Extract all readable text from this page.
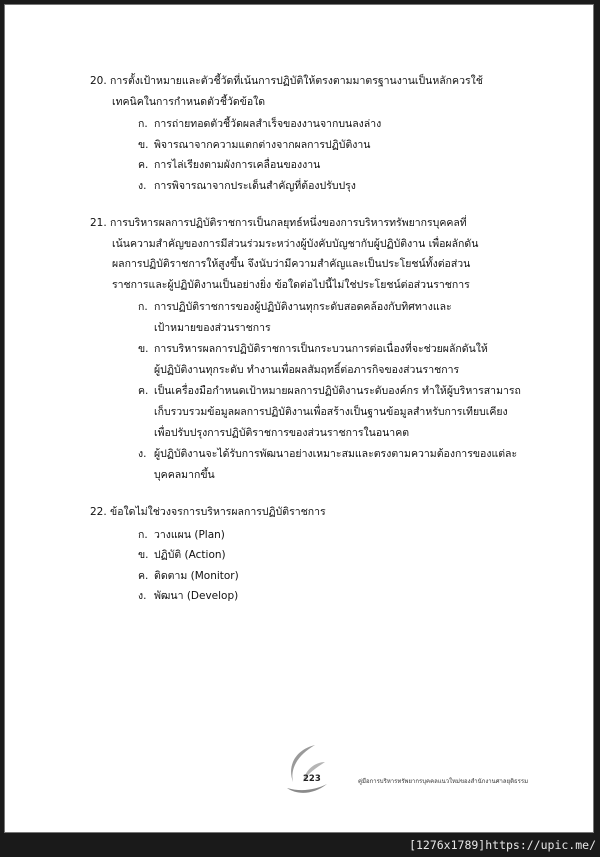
20. การตั้งเป้าหมายและตัวชี้วัดที่เน้นการปฏิบัติให้ตรงตามมาตรฐานงานเป็นหลักควรใช้
เทคนิคในการกำหนดตัวชี้วัดข้อใด
ก. การถ่ายทอดตัวชี้วัดผลสำเร็จของงานจากบนลงล่าง
ข. พิจารณาจากความแตกต่างจากผลการปฏิบัติงาน
ค. การไล่เรียงตามผังการเคลื่อนของงาน
ง. การพิจารณาจากประเด็นสำคัญที่ต้องปรับปรุง
21. การบริหารผลการปฏิบัติราชการเป็นกลยุทธ์หนึ่งของการบริหารทรัพยากรบุคคลที่
เน้นความสำคัญของการมีส่วนร่วมระหว่างผู้บังคับบัญชากับผู้ปฏิบัติงาน เพื่อผลักดัน
ผลการปฏิบัติราชการให้สูงขึ้น จึงนับว่ามีความสำคัญและเป็นประโยชน์ทั้งต่อส่วน
ราชการและผู้ปฏิบัติงานเป็นอย่างยิ่ง ข้อใดต่อไปนี้ไม่ใช่ประโยชน์ต่อส่วนราชการ
ก. การปฏิบัติราชการของผู้ปฏิบัติงานทุกระดับสอดคล้องกับทิศทางและ
เป้าหมายของส่วนราชการ
ข. การบริหารผลการปฏิบัติราชการเป็นกระบวนการต่อเนื่องที่จะช่วยผลักดันให้
ผู้ปฏิบัติงานทุกระดับ ทำงานเพื่อผลสัมฤทธิ์ต่อภารกิจของส่วนราชการ
ค. เป็นเครื่องมือกำหนดเป้าหมายผลการปฏิบัติงานระดับองค์กร ทำให้ผู้บริหารสามารถ
เก็บรวบรวมข้อมูลผลการปฏิบัติงานเพื่อสร้างเป็นฐานข้อมูลสำหรับการเทียบเคียง
เพื่อปรับปรุงการปฏิบัติราชการของส่วนราชการในอนาคต
ง. ผู้ปฏิบัติงานจะได้รับการพัฒนาอย่างเหมาะสมและตรงตามความต้องการของแต่ละ
บุคคลมากขึ้น
22. ข้อใดไม่ใช่วงจรการบริหารผลการปฏิบัติราชการ
ก. วางแผน (Plan)
ข. ปฏิบัติ (Action)
ค. ติดตาม (Monitor)
ง. พัฒนา (Develop)
223	คู่มือการบริหารทรัพยากรบุคคลแนวใหม่ของสำนักงานศาลยุติธรรม
[1276x1789]https://upic.me/
